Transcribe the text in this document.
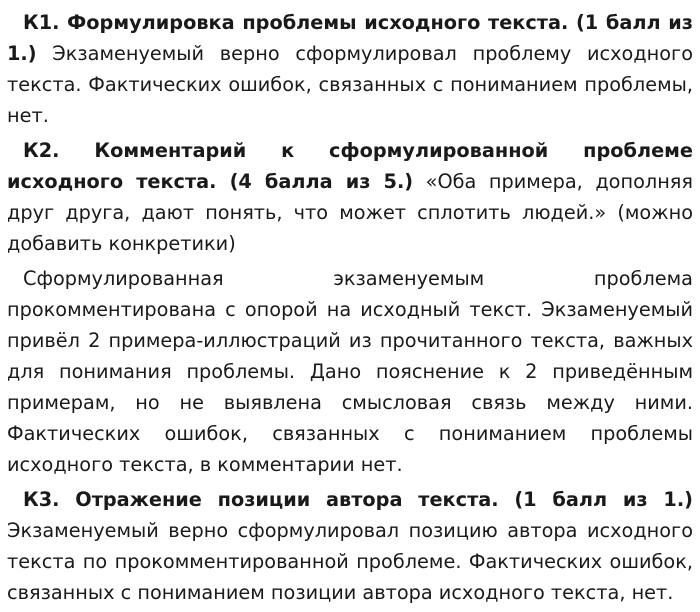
К1. Формулировка проблемы исходного текста. (1 балл из 1.) Экзаменуемый верно сформулировал проблему исходного текста. Фактических ошибок, связанных с пониманием проблемы, нет.

К2. Комментарий к сформулированной проблеме исходного текста. (4 балла из 5.) «Оба примера, дополняя друг друга, дают понять, что может сплотить людей.» (можно добавить конкретики)

Сформулированная экзаменуемым проблема прокомментирована с опорой на исходный текст. Экзаменуемый привёл 2 примера-иллюстраций из прочитанного текста, важных для понимания проблемы. Дано пояснение к 2 приведённым примерам, но не выявлена смысловая связь между ними. Фактических ошибок, связанных с пониманием проблемы исходного текста, в комментарии нет.

К3. Отражение позиции автора текста. (1 балл из 1.) Экзаменуемый верно сформулировал позицию автора исходного текста по прокомментированной проблеме. Фактических ошибок, связанных с пониманием позиции автора исходного текста, нет.
